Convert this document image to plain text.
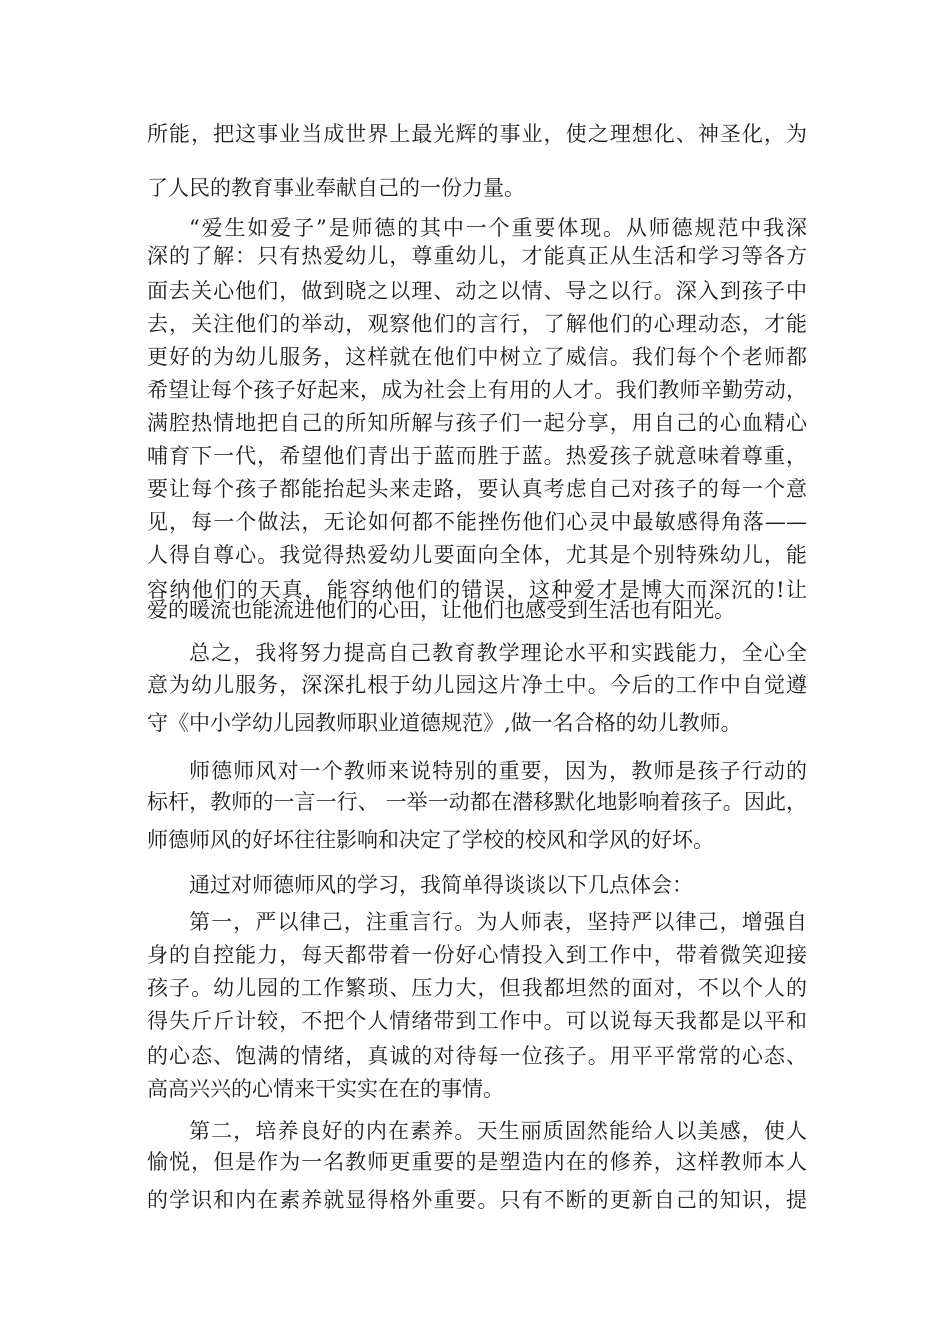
所能，把这事业当成世界上最光辉的事业，使之理想化、神圣化，为
了人民的教育事业奉献自己的一份力量。
“爱生如爱子”是师德的其中一个重要体现。从师德规范中我深
深的了解：只有热爱幼儿，尊重幼儿，才能真正从生活和学习等各方
面去关心他们，做到晓之以理、动之以情、导之以行。深入到孩子中
去，关注他们的举动，观察他们的言行，了解他们的心理动态，才能
更好的为幼儿服务，这样就在他们中树立了威信。我们每个个老师都
希望让每个孩子好起来，成为社会上有用的人才。我们教师辛勤劳动，
满腔热情地把自己的所知所解与孩子们一起分享，用自己的心血精心
哺育下一代，希望他们青出于蓝而胜于蓝。热爱孩子就意味着尊重，
要让每个孩子都能抬起头来走路，要认真考虑自己对孩子的每一个意
见，每一个做法，无论如何都不能挫伤他们心灵中最敏感得角落——
人得自尊心。我觉得热爱幼儿要面向全体，尤其是个别特殊幼儿，能
容纳他们的天真，能容纳他们的错误，这种爱才是博大而深沉的!让
爱的暖流也能流进他们的心田，让他们也感受到生活也有阳光。
总之，我将努力提高自己教育教学理论水平和实践能力，全心全
意为幼儿服务，深深扎根于幼儿园这片净土中。今后的工作中自觉遵
守《中小学幼儿园教师职业道德规范》,做一名合格的幼儿教师。
师德师风对一个教师来说特别的重要，因为，教师是孩子行动的
标杆，教师的一言一行、 一举一动都在潜移默化地影响着孩子。因此，
师德师风的好坏往往影响和决定了学校的校风和学风的好坏。
通过对师德师风的学习，我简单得谈谈以下几点体会：
第一，严以律己，注重言行。为人师表，坚持严以律己，增强自
身的自控能力，每天都带着一份好心情投入到工作中，带着微笑迎接
孩子。幼儿园的工作繁琐、压力大，但我都坦然的面对，不以个人的
得失斤斤计较，不把个人情绪带到工作中。可以说每天我都是以平和
的心态、饱满的情绪，真诚的对待每一位孩子。用平平常常的心态、
高高兴兴的心情来干实实在在的事情。
第二，培养良好的内在素养。天生丽质固然能给人以美感，使人
愉悦，但是作为一名教师更重要的是塑造内在的修养，这样教师本人
的学识和内在素养就显得格外重要。只有不断的更新自己的知识，提
